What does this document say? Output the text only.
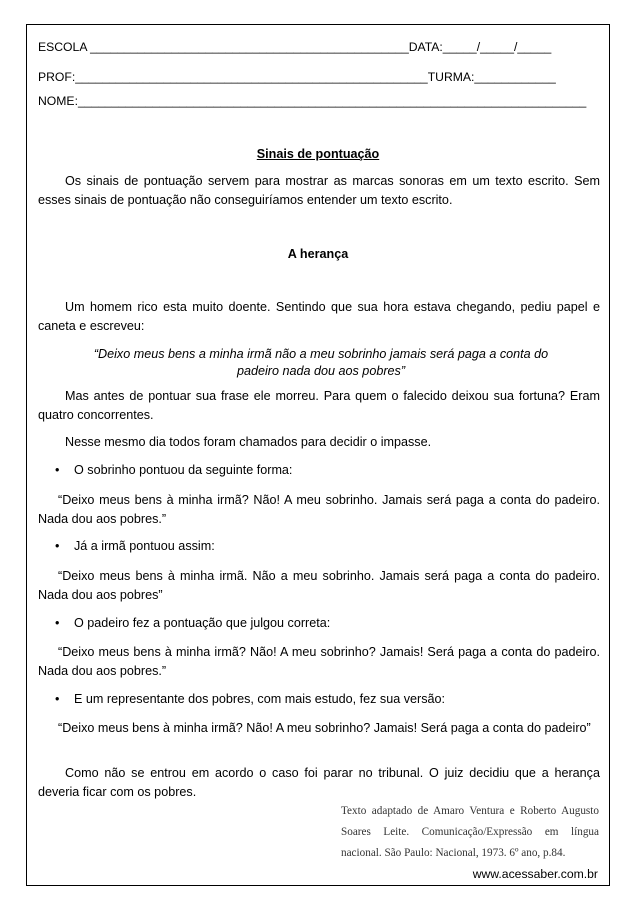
ESCOLA _______________________________________________DATA:_____/_____/_____
PROF:____________________________________________________TURMA:____________
NOME:___________________________________________________________________________
Sinais de pontuação
Os sinais de pontuação servem para mostrar as marcas sonoras em um texto escrito. Sem esses sinais de pontuação não conseguiríamos entender um texto escrito.
A herança
Um homem rico esta muito doente. Sentindo que sua hora estava chegando, pediu papel e caneta e escreveu:
“Deixo meus bens a minha irmã não a meu sobrinho jamais será paga a conta do
padeiro nada dou aos pobres”
Mas antes de pontuar sua frase ele morreu. Para quem o falecido deixou sua fortuna? Eram quatro concorrentes.
Nesse mesmo dia todos foram chamados para decidir o impasse.
• O sobrinho pontuou da seguinte forma:
“Deixo meus bens à minha irmã? Não! A meu sobrinho. Jamais será paga a conta do padeiro. Nada dou aos pobres.”
• Já a irmã pontuou assim:
“Deixo meus bens à minha irmã. Não a meu sobrinho. Jamais será paga a conta do padeiro. Nada dou aos pobres”
• O padeiro fez a pontuação que julgou correta:
“Deixo meus bens à minha irmã? Não! A meu sobrinho? Jamais! Será paga a conta do padeiro. Nada dou aos pobres.”
• E um representante dos pobres, com mais estudo, fez sua versão:
“Deixo meus bens à minha irmã? Não! A meu sobrinho? Jamais! Será paga a conta do padeiro”
Como não se entrou em acordo o caso foi parar no tribunal. O juiz decidiu que a herança deveria ficar com os pobres.
Texto adaptado de Amaro Ventura e Roberto Augusto Soares Leite. Comunicação/Expressão em língua nacional. São Paulo: Nacional, 1973. 6º ano, p.84.
www.acessaber.com.br
